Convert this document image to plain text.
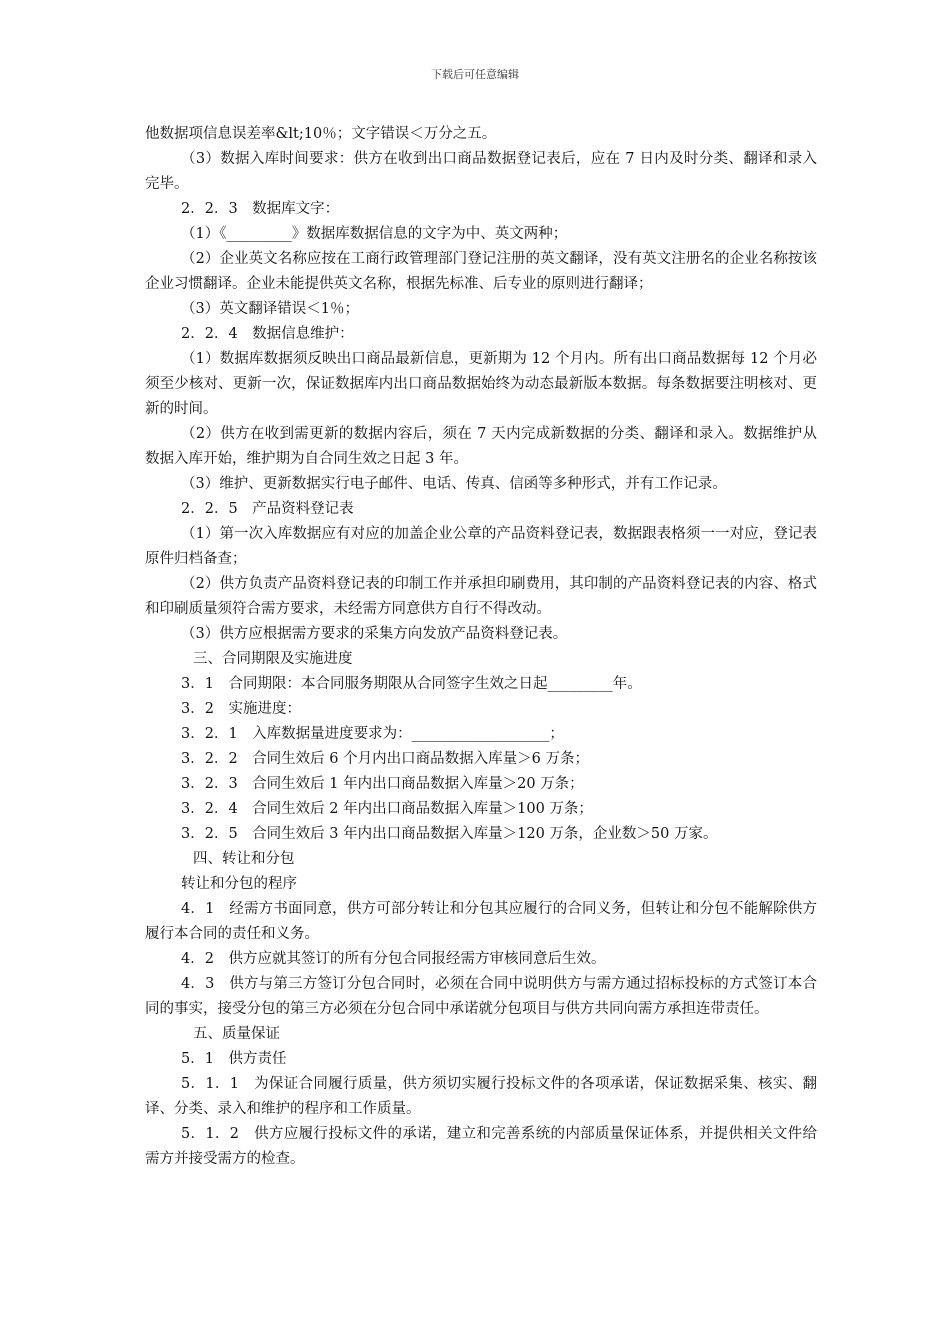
下载后可任意编辑

他数据项信息误差率&lt;10％；文字错误＜万分之五。

（3）数据入库时间要求：供方在收到出口商品数据登记表后，应在 7 日内及时分类、翻译和录入完毕。

2．2．3　数据库文字：

（1）《_________》数据库数据信息的文字为中、英文两种；

（2）企业英文名称应按在工商行政管理部门登记注册的英文翻译，没有英文注册名的企业名称按该企业习惯翻译。企业未能提供英文名称，根据先标准、后专业的原则进行翻译；

（3）英文翻译错误＜1％；

2．2．4　数据信息维护：

（1）数据库数据须反映出口商品最新信息，更新期为 12 个月内。所有出口商品数据每 12 个月必须至少核对、更新一次，保证数据库内出口商品数据始终为动态最新版本数据。每条数据要注明核对、更新的时间。

（2）供方在收到需更新的数据内容后，须在 7 天内完成新数据的分类、翻译和录入。数据维护从数据入库开始，维护期为自合同生效之日起 3 年。

（3）维护、更新数据实行电子邮件、电话、传真、信函等多种形式，并有工作记录。

2．2．5　产品资料登记表

（1）第一次入库数据应有对应的加盖企业公章的产品资料登记表，数据跟表格须一一对应，登记表原件归档备查；

（2）供方负责产品资料登记表的印制工作并承担印刷费用，其印制的产品资料登记表的内容、格式和印刷质量须符合需方要求，未经需方同意供方自行不得改动。

（3）供方应根据需方要求的采集方向发放产品资料登记表。

三、合同期限及实施进度

3．1　合同期限：本合同服务期限从合同签字生效之日起_________年。

3．2　实施进度：

3．2．1　入库数据量进度要求为：___________________；

3．2．2　合同生效后 6 个月内出口商品数据入库量＞6 万条；

3．2．3　合同生效后 1 年内出口商品数据入库量＞20 万条；

3．2．4　合同生效后 2 年内出口商品数据入库量＞100 万条；

3．2．5　合同生效后 3 年内出口商品数据入库量＞120 万条，企业数＞50 万家。

四、转让和分包

转让和分包的程序

4．1　经需方书面同意，供方可部分转让和分包其应履行的合同义务，但转让和分包不能解除供方履行本合同的责任和义务。

4．2　供方应就其签订的所有分包合同报经需方审核同意后生效。

4．3　供方与第三方签订分包合同时，必须在合同中说明供方与需方通过招标投标的方式签订本合同的事实，接受分包的第三方必须在分包合同中承诺就分包项目与供方共同向需方承担连带责任。

五、质量保证

5．1　供方责任

5．1．1　为保证合同履行质量，供方须切实履行投标文件的各项承诺，保证数据采集、核实、翻译、分类、录入和维护的程序和工作质量。

5．1．2　供方应履行投标文件的承诺，建立和完善系统的内部质量保证体系，并提供相关文件给需方并接受需方的检查。
